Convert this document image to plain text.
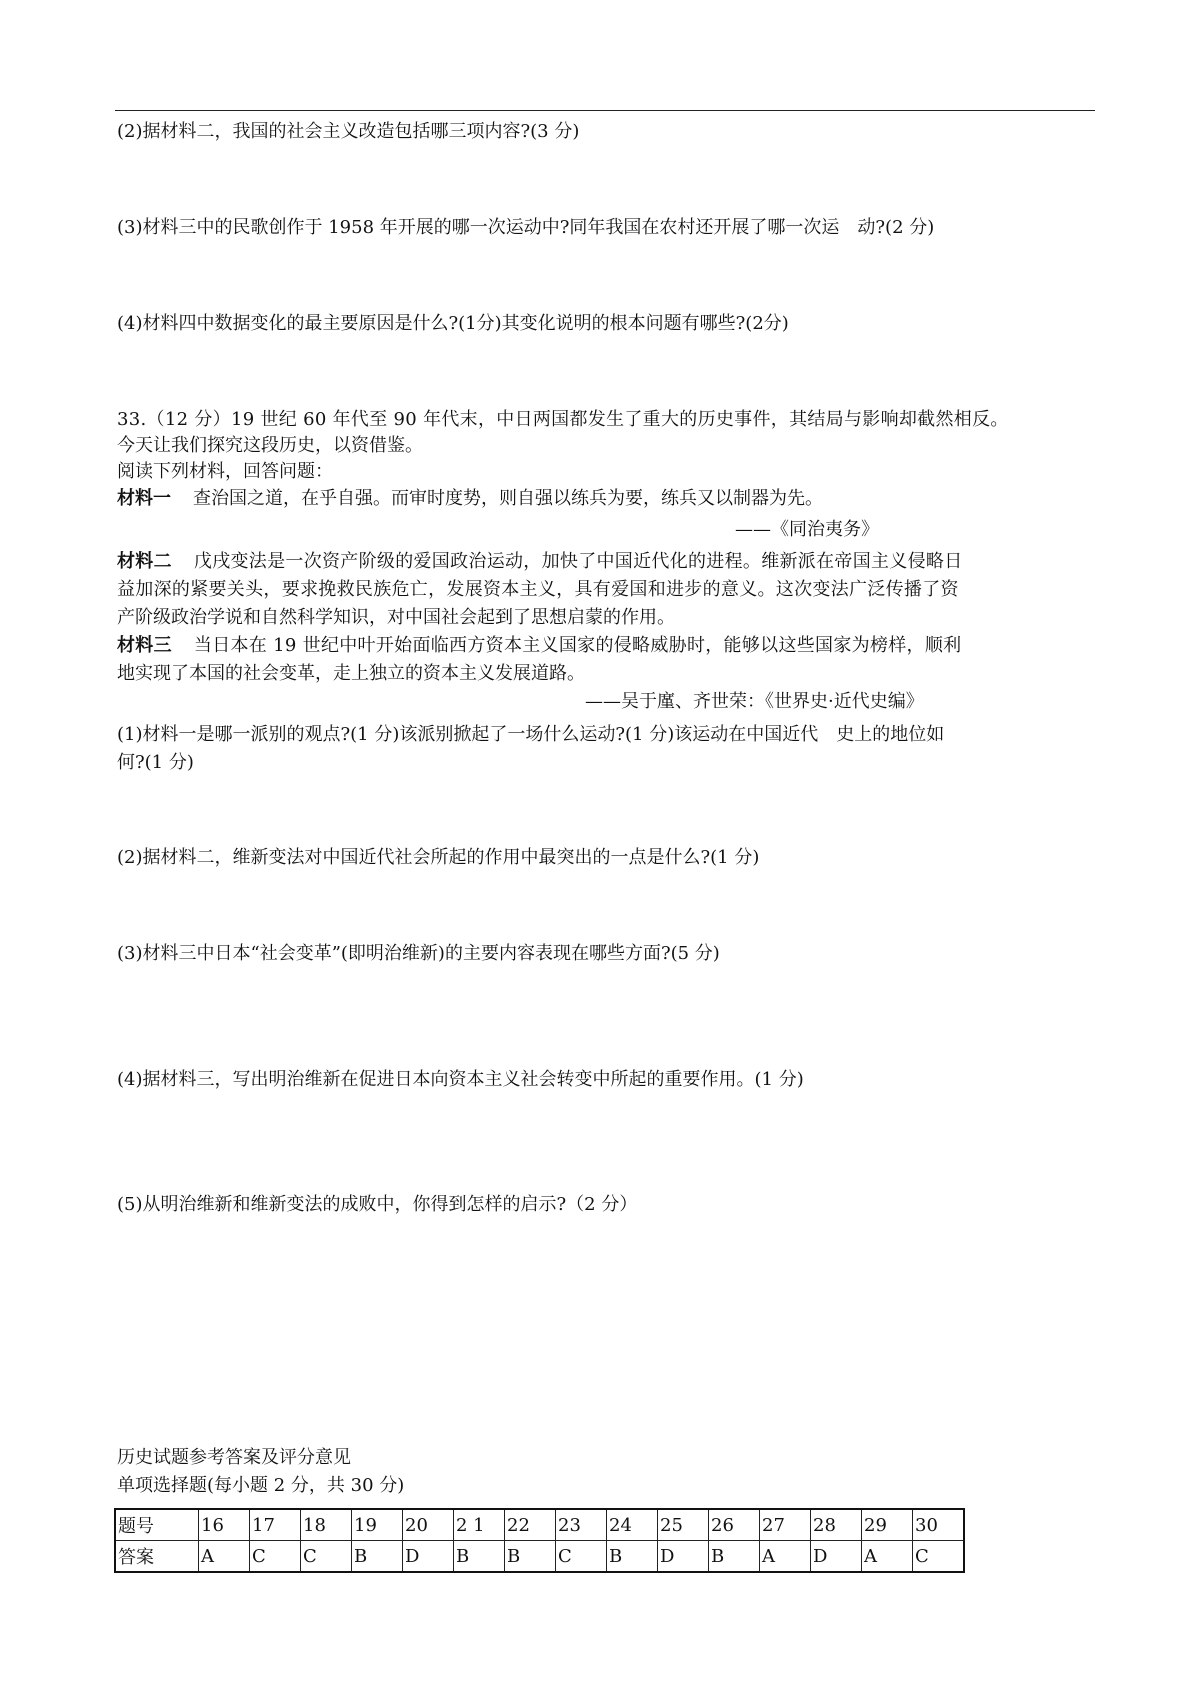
(2)据材料二，我国的社会主义改造包括哪三项内容?(3 分)
(3)材料三中的民歌创作于 1958 年开展的哪一次运动中?同年我国在农村还开展了哪一次运　动?(2 分)
(4)材料四中数据变化的最主要原因是什么?(1分)其变化说明的根本问题有哪些?(2分)
33.（12 分）19 世纪 60 年代至 90 年代末，中日两国都发生了重大的历史事件，其结局与影响却截然相反。
今天让我们探究这段历史，以资借鉴。
阅读下列材料，回答问题：
材料一 查治国之道，在乎自强。而审时度势，则自强以练兵为要，练兵又以制器为先。
——《同治夷务》
材料二 戊戌变法是一次资产阶级的爱国政治运动，加快了中国近代化的进程。维新派在帝国主义侵略日
益加深的紧要关头，要求挽救民族危亡，发展资本主义，具有爱国和进步的意义。这次变法广泛传播了资
产阶级政治学说和自然科学知识，对中国社会起到了思想启蒙的作用。
材料三 当日本在 19 世纪中叶开始面临西方资本主义国家的侵略威胁时，能够以这些国家为榜样，顺利
地实现了本国的社会变革，走上独立的资本主义发展道路。
——吴于廑、齐世荣：《世界史·近代史编》
(1)材料一是哪一派别的观点?(1 分)该派别掀起了一场什么运动?(1 分)该运动在中国近代　史上的地位如
何?(1 分)
(2)据材料二，维新变法对中国近代社会所起的作用中最突出的一点是什么?(1 分)
(3)材料三中日本“社会变革”(即明治维新)的主要内容表现在哪些方面?(5 分)
(4)据材料三，写出明治维新在促进日本向资本主义社会转变中所起的重要作用。(1 分)
(5)从明治维新和维新变法的成败中，你得到怎样的启示?（2 分）
历史试题参考答案及评分意见
单项选择题(每小题 2 分，共 30 分)
题号	16	17	18	19	20	2 1	22	23	24	25	26	27	28	29	30
答案	A	C	C	B	D	B	B	C	B	D	B	A	D	A	C
